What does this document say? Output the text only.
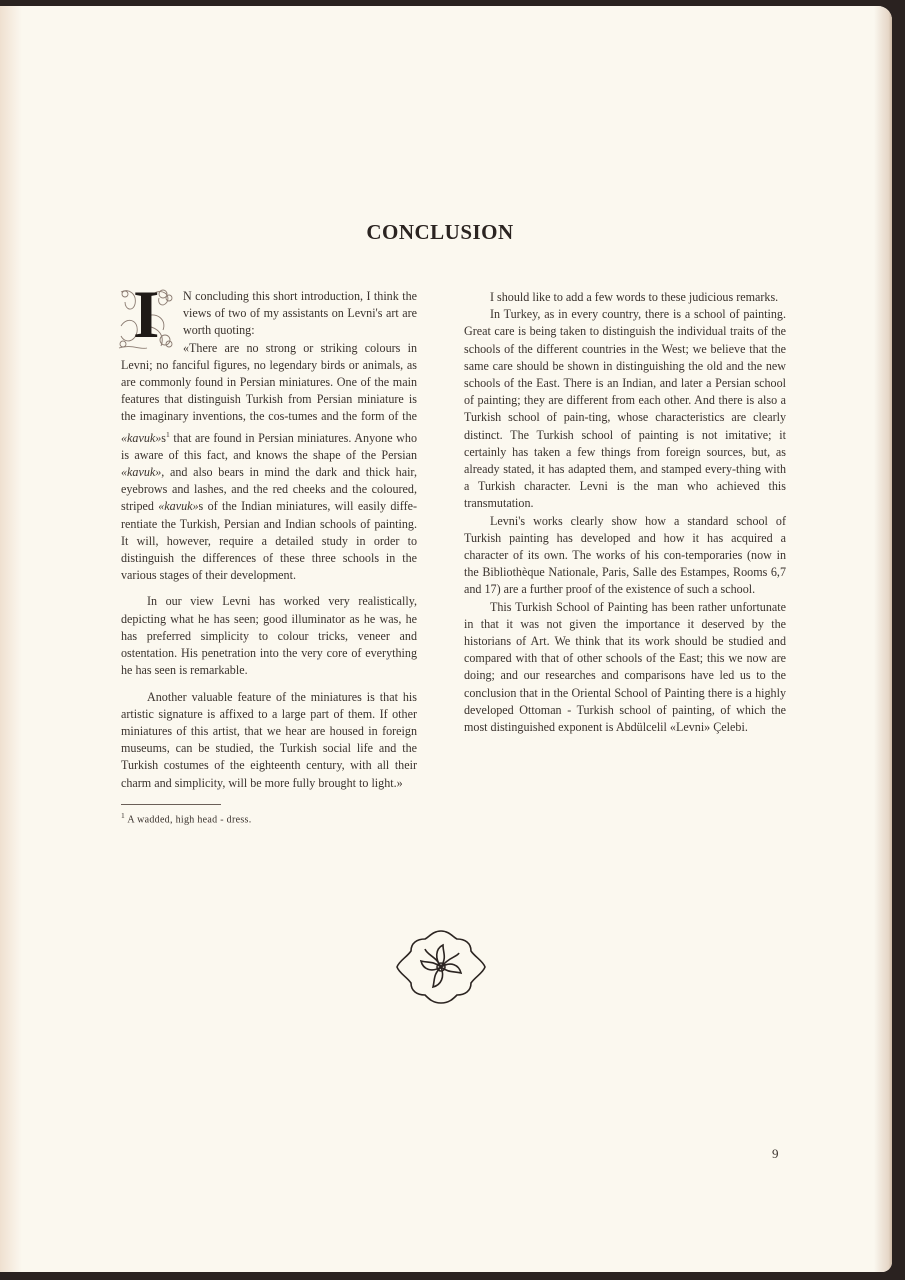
CONCLUSION

I N concluding this short introduction, I think the views of two of my assistants on Levni's art are worth quoting:

«There are no strong or striking colours in Levni; no fanciful figures, no legendary birds or animals, as are commonly found in Persian miniatures. One of the main features that distinguish Turkish from Persian miniature is the imaginary inventions, the cos-tumes and the form of the «kavuk»s$^1$ that are found in Persian miniatures. Anyone who is aware of this fact, and knows the shape of the Persian «kavuk», and also bears in mind the dark and thick hair, eyebrows and lashes, and the red cheeks and the coloured, striped «kavuk»s of the Indian miniatures, will easily diffe-rentiate the Turkish, Persian and Indian schools of painting. It will, however, require a detailed study in order to distinguish the differences of these three schools in the various stages of their development.

In our view Levni has worked very realistically, depicting what he has seen; good illuminator as he was, he has preferred simplicity to colour tricks, veneer and ostentation. His penetration into the very core of everything he has seen is remarkable.

Another valuable feature of the miniatures is that his artistic signature is affixed to a large part of them. If other miniatures of this artist, that we hear are housed in foreign museums, can be studied, the Turkish social life and the Turkish costumes of the eighteenth century, with all their charm and simplicity, will be more fully brought to light.»

$^1$ A wadded, high head - dress.

I should like to add a few words to these judicious remarks.

In Turkey, as in every country, there is a school of painting. Great care is being taken to distinguish the individual traits of the schools of the different countries in the West; we believe that the same care should be shown in distinguishing the old and the new schools of the East. There is an Indian, and later a Persian school of painting; they are different from each other. And there is also a Turkish school of pain-ting, whose characteristics are clearly distinct. The Turkish school of painting is not imitative; it certainly has taken a few things from foreign sources, but, as already stated, it has adapted them, and stamped every-thing with a Turkish character. Levni is the man who achieved this transmutation.

Levni's works clearly show how a standard school of Turkish painting has developed and how it has acquired a character of its own. The works of his con-temporaries (now in the Bibliothèque Nationale, Paris, Salle des Estampes, Rooms 6,7 and 17) are a further proof of the existence of such a school.

This Turkish School of Painting has been rather unfortunate in that it was not given the importance it deserved by the historians of Art. We think that its work should be studied and compared with that of other schools of the East; this we now are doing; and our researches and comparisons have led us to the conclusion that in the Oriental School of Painting there is a highly developed Ottoman - Turkish school of painting, of which the most distinguished exponent is Abdülcelil «Levni» Çelebi.

9
